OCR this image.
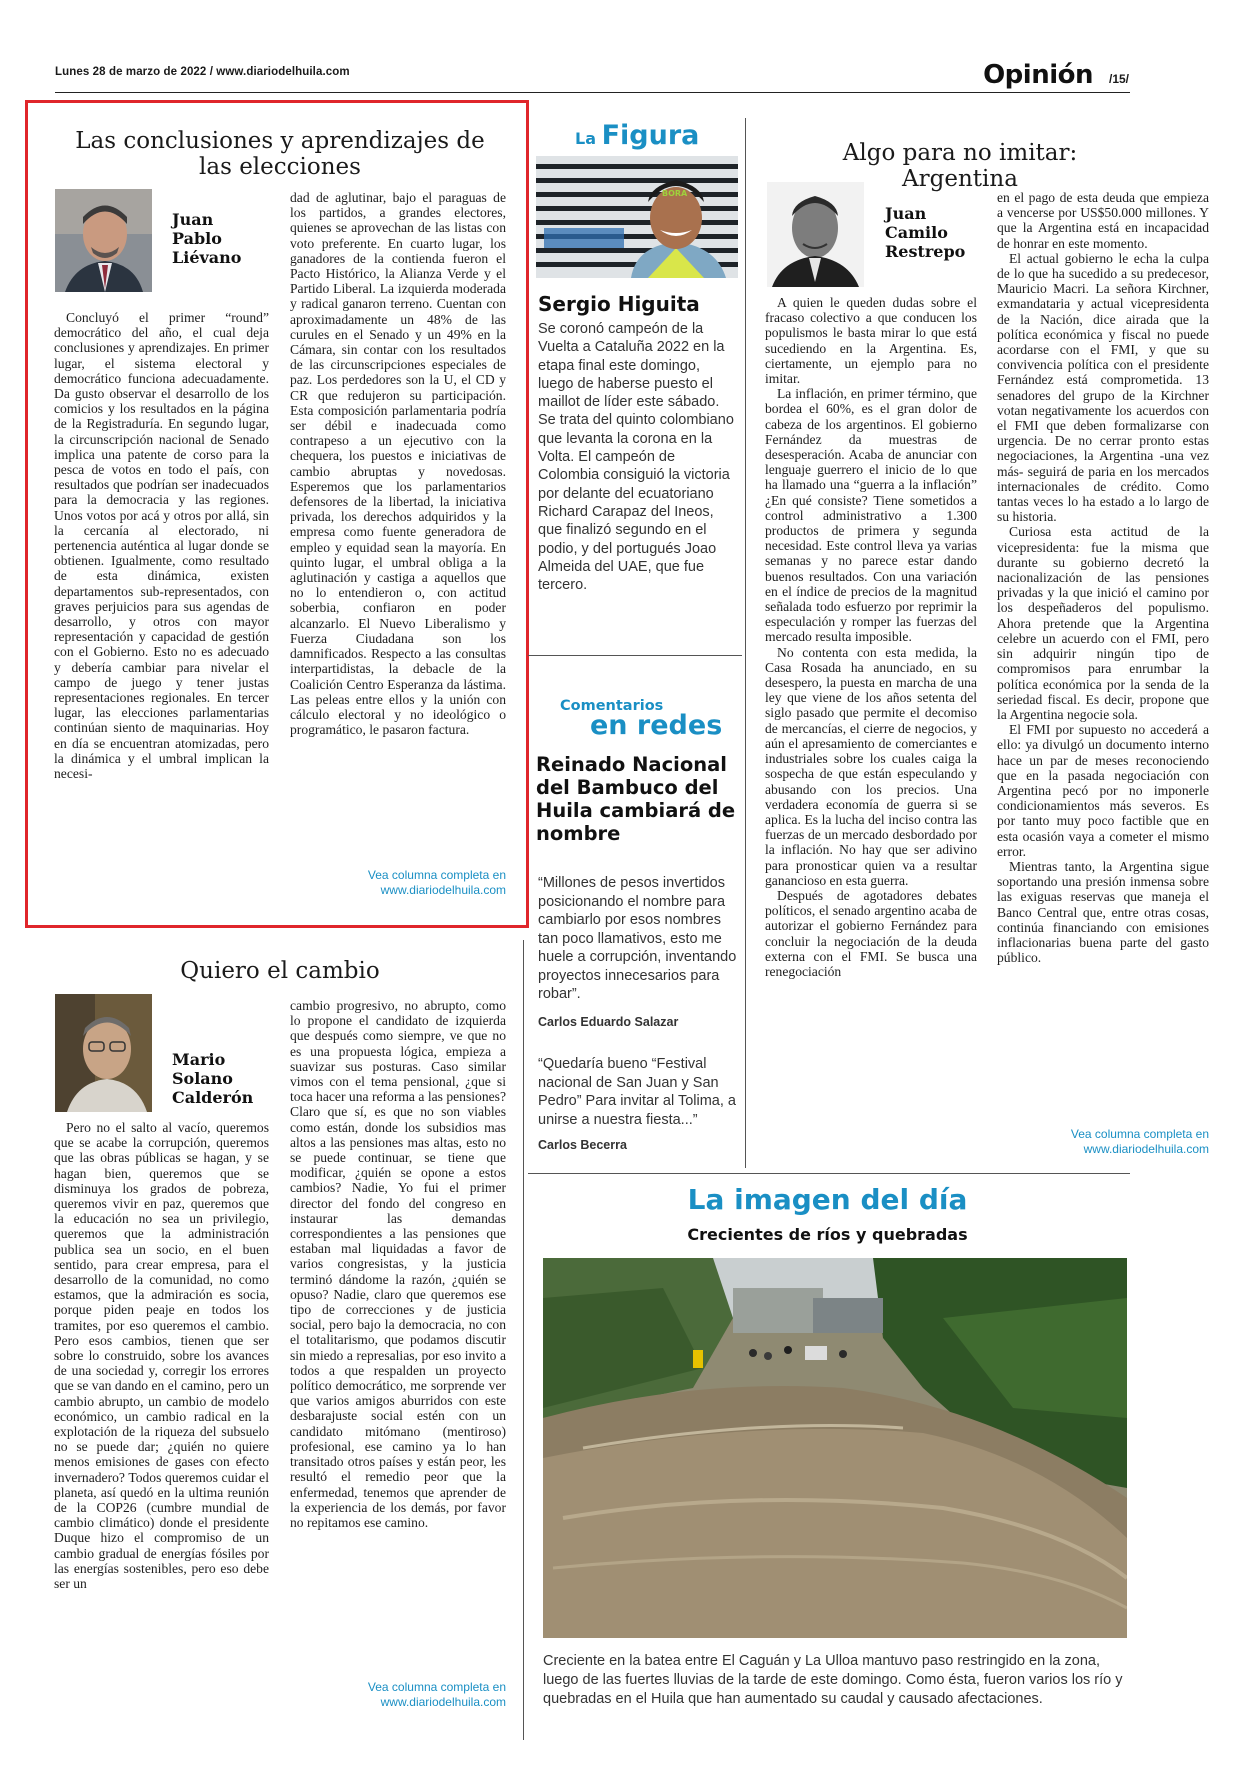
Lunes 28 de marzo de 2022 / www.diariodelhuila.com	Opinión /15/
Las conclusiones y aprendizajes de las elecciones
Juan
Pablo
Liévano

Concluyó el primer “round” democrático del año, el cual deja conclusiones y aprendizajes. En primer lugar, el sistema electoral y democrático funciona adecuadamente. Da gusto observar el desarrollo de los comicios y los resultados en la página de la Registraduría. En segundo lugar, la circunscripción nacional de Senado implica una patente de corso para la pesca de votos en todo el país, con resultados que podrían ser inadecuados para la democracia y las regiones. Unos votos por acá y otros por allá, sin la cercanía al electorado, ni pertenencia auténtica al lugar donde se obtienen. Igualmente, como resultado de esta dinámica, existen departamentos sub-representados, con graves perjuicios para sus agendas de desarrollo, y otros con mayor representación y capacidad de gestión con el Gobierno. Esto no es adecuado y debería cambiar para nivelar el campo de juego y tener justas representaciones regionales. En tercer lugar, las elecciones parlamentarias continúan siento de maquinarias. Hoy en día se encuentran atomizadas, pero la dinámica y el umbral implican la necesi-

dad de aglutinar, bajo el paraguas de los partidos, a grandes electores, quienes se aprovechan de las listas con voto preferente. En cuarto lugar, los ganadores de la contienda fueron el Pacto Histórico, la Alianza Verde y el Partido Liberal. La izquierda moderada y radical ganaron terreno. Cuentan con aproximadamente un 48% de las curules en el Senado y un 49% en la Cámara, sin contar con los resultados de las circunscripciones especiales de paz. Los perdedores son la U, el CD y CR que redujeron su participación. Esta composición parlamentaria podría ser débil e inadecuada como contrapeso a un ejecutivo con la chequera, los puestos e iniciativas de cambio abruptas y novedosas. Esperemos que los parlamentarios defensores de la libertad, la iniciativa privada, los derechos adquiridos y la empresa como fuente generadora de empleo y equidad sean la mayoría. En quinto lugar, el umbral obliga a la aglutinación y castiga a aquellos que no lo entendieron o, con actitud soberbia, confiaron en poder alcanzarlo. El Nuevo Liberalismo y Fuerza Ciudadana son los damnificados. Respecto a las consultas interpartidistas, la debacle de la Coalición Centro Esperanza da lástima. Las peleas entre ellos y la unión con cálculo electoral y no ideológico o programático, le pasaron factura.

Vea columna completa en
www.diariodelhuila.com
Quiero el cambio
Mario
Solano
Calderón

Pero no el salto al vacío, queremos que se acabe la corrupción, queremos que las obras públicas se hagan, y se hagan bien, queremos que se disminuya los grados de pobreza, queremos vivir en paz, queremos que la educación no sea un privilegio, queremos que la administración publica sea un socio, en el buen sentido, para crear empresa, para el desarrollo de la comunidad, no como estamos, que la admiración es socia, porque piden peaje en todos los tramites, por eso queremos el cambio. Pero esos cambios, tienen que ser sobre lo construido, sobre los avances de una sociedad y, corregir los errores que se van dando en el camino, pero un cambio abrupto, un cambio de modelo económico, un cambio radical en la explotación de la riqueza del subsuelo no se puede dar; ¿quién no quiere menos emisiones de gases con efecto invernadero? Todos queremos cuidar el planeta, así quedó en la ultima reunión de la COP26 (cumbre mundial de cambio climático) donde el presidente Duque hizo el compromiso de un cambio gradual de energías fósiles por las energías sostenibles, pero eso debe ser un

cambio progresivo, no abrupto, como lo propone el candidato de izquierda que después como siempre, ve que no es una propuesta lógica, empieza a suavizar sus posturas. Caso similar vimos con el tema pensional, ¿que si toca hacer una reforma a las pensiones? Claro que sí, es que no son viables como están, donde los subsidios mas altos a las pensiones mas altas, esto no se puede continuar, se tiene que modificar, ¿quién se opone a estos cambios? Nadie, Yo fui el primer director del fondo del congreso en instaurar las demandas correspondientes a las pensiones que estaban mal liquidadas a favor de varios congresistas, y la justicia terminó dándome la razón, ¿quién se opuso? Nadie, claro que queremos ese tipo de correcciones y de justicia social, pero bajo la democracia, no con el totalitarismo, que podamos discutir sin miedo a represalias, por eso invito a todos a que respalden un proyecto político democrático, me sorprende ver que varios amigos aburridos con este desbarajuste social estén con un candidato mitómano (mentiroso) profesional, ese camino ya lo han transitado otros países y están peor, les resultó el remedio peor que la enfermedad, tenemos que aprender de la experiencia de los demás, por favor no repitamos ese camino.

Vea columna completa en
www.diariodelhuila.com
La Figura
BORA
Sergio Higuita
Se coronó campeón de la Vuelta a Cataluña 2022 en la etapa final este domingo, luego de haberse puesto el maillot de líder este sábado. Se trata del quinto colombiano que levanta la corona en la Volta. El campeón de Colombia consiguió la victoria por delante del ecuatoriano Richard Carapaz del Ineos, que finalizó segundo en el podio, y del portugués Joao Almeida del UAE, que fue tercero.
Comentarios
en redes
Reinado Nacional del Bambuco del Huila cambiará de nombre
“Millones de pesos invertidos posicionando el nombre para cambiarlo por esos nombres tan poco llamativos, esto me huele a corrupción, inventando proyectos innecesarios para robar”.
Carlos Eduardo Salazar
“Quedaría bueno “Festival nacional de San Juan y San Pedro” Para invitar al Tolima, a unirse a nuestra fiesta...”
Carlos Becerra
Algo para no imitar: Argentina
Juan
Camilo
Restrepo

A quien le queden dudas sobre el fracaso colectivo a que conducen los populismos le basta mirar lo que está sucediendo en la Argentina. Es, ciertamente, un ejemplo para no imitar.

La inflación, en primer término, que bordea el 60%, es el gran dolor de cabeza de los argentinos. El gobierno Fernández da muestras de desesperación. Acaba de anunciar con lenguaje guerrero el inicio de lo que ha llamado una “guerra a la inflación” ¿En qué consiste? Tiene sometidos a control administrativo a 1.300 productos de primera y segunda necesidad. Este control lleva ya varias semanas y no parece estar dando buenos resultados. Con una variación en el índice de precios de la magnitud señalada todo esfuerzo por reprimir la especulación y romper las fuerzas del mercado resulta imposible.

No contenta con esta medida, la Casa Rosada ha anunciado, en su desespero, la puesta en marcha de una ley que viene de los años setenta del siglo pasado que permite el decomiso de mercancías, el cierre de negocios, y aún el apresamiento de comerciantes e industriales sobre los cuales caiga la sospecha de que están especulando y abusando con los precios. Una verdadera economía de guerra si se aplica. Es la lucha del inciso contra las fuerzas de un mercado desbordado por la inflación. No hay que ser adivino para pronosticar quien va a resultar ganancioso en esta guerra.

Después de agotadores debates políticos, el senado argentino acaba de autorizar el gobierno Fernández para concluir la negociación de la deuda externa con el FMI. Se busca una renegociación

en el pago de esta deuda que empieza a vencerse por US$50.000 millones. Y que la Argentina está en incapacidad de honrar en este momento.

El actual gobierno le echa la culpa de lo que ha sucedido a su predecesor, Mauricio Macri. La señora Kirchner, exmandataria y actual vicepresidenta de la Nación, dice airada que la política económica y fiscal no puede acordarse con el FMI, y que su convivencia política con el presidente Fernández está comprometida. 13 senadores del grupo de la Kirchner votan negativamente los acuerdos con el FMI que deben formalizarse con urgencia. De no cerrar pronto estas negociaciones, la Argentina -una vez más- seguirá de paria en los mercados internacionales de crédito. Como tantas veces lo ha estado a lo largo de su historia.

Curiosa esta actitud de la vicepresidenta: fue la misma que durante su gobierno decretó la nacionalización de las pensiones privadas y la que inició el camino por los despeñaderos del populismo. Ahora pretende que la Argentina celebre un acuerdo con el FMI, pero sin adquirir ningún tipo de compromisos para enrumbar la política económica por la senda de la seriedad fiscal. Es decir, propone que la Argentina negocie sola.

El FMI por supuesto no accederá a ello: ya divulgó un documento interno hace un par de meses reconociendo que en la pasada negociación con Argentina pecó por no imponerle condicionamientos más severos. Es por tanto muy poco factible que en esta ocasión vaya a cometer el mismo error.

Mientras tanto, la Argentina sigue soportando una presión inmensa sobre las exiguas reservas que maneja el Banco Central que, entre otras cosas, continúa financiando con emisiones inflacionarias buena parte del gasto público.

Vea columna completa en
www.diariodelhuila.com
La imagen del día
Crecientes de ríos y quebradas
Creciente en la batea entre El Caguán y La Ulloa mantuvo paso restringido en la zona, luego de las fuertes lluvias de la tarde de este domingo. Como ésta, fueron varios los río y quebradas en el Huila que han aumentado su caudal y causado afectaciones.
